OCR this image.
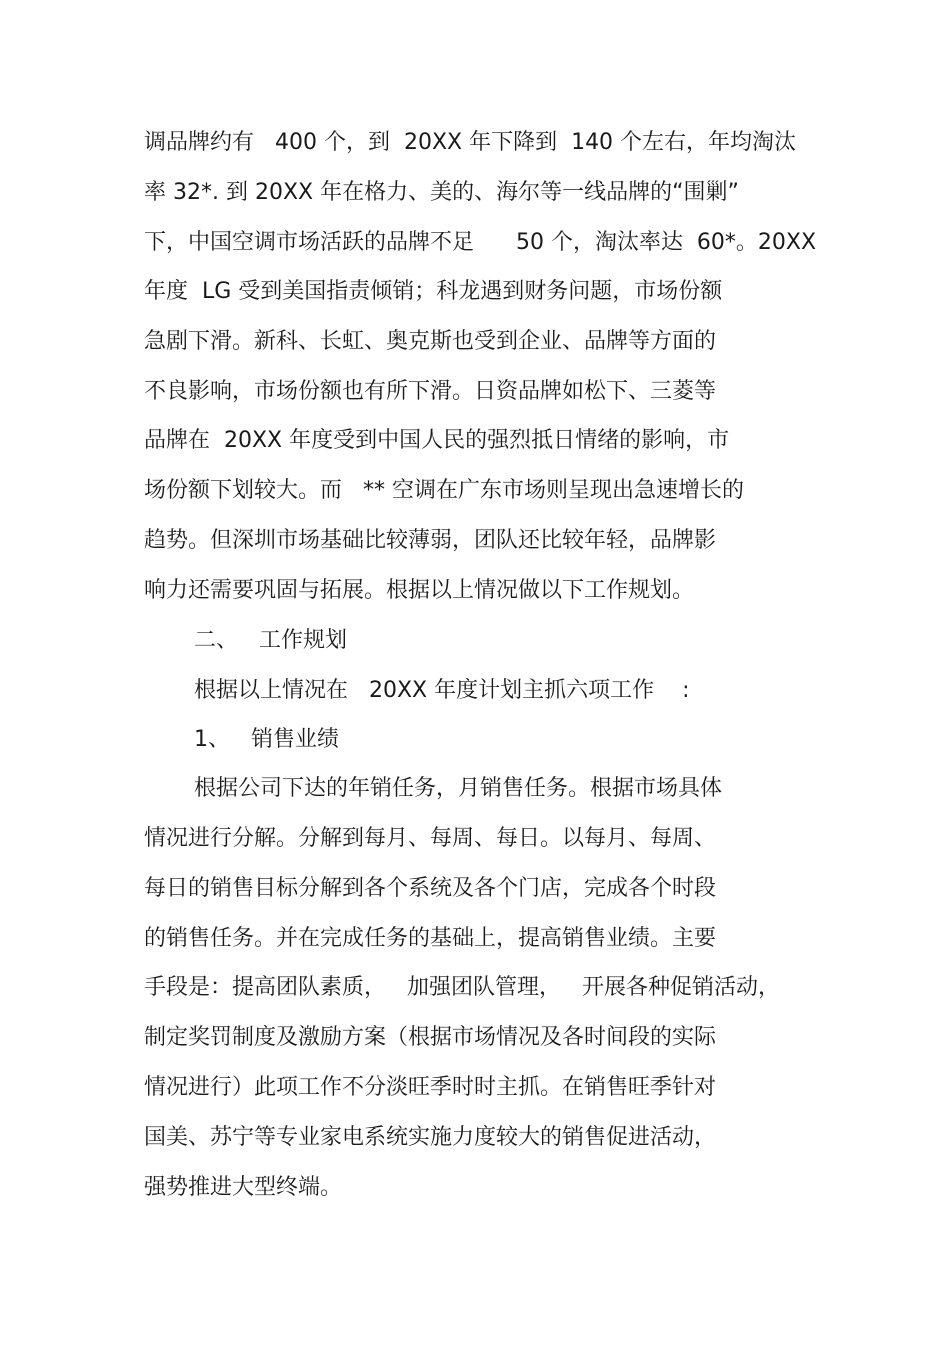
调品牌约有   400 个，到  20XX 年下降到  140 个左右，年均淘汰

率 32*. 到 20XX 年在格力、美的、海尔等一线品牌的“围剿”

下，中国空调市场活跃的品牌不足      50 个，淘汰率达  60*。20XX

年度  LG 受到美国指责倾销；科龙遇到财务问题，市场份额

急剧下滑。新科、长虹、奥克斯也受到企业、品牌等方面的

不良影响，市场份额也有所下滑。日资品牌如松下、三菱等

品牌在  20XX 年度受到中国人民的强烈抵日情绪的影响，市

场份额下划较大。而   ** 空调在广东市场则呈现出急速增长的

趋势。但深圳市场基础比较薄弱，团队还比较年轻，品牌影

响力还需要巩固与拓展。根据以上情况做以下工作规划。

二、   工作规划

根据以上情况在   20XX 年度计划主抓六项工作    :

1、   销售业绩

根据公司下达的年销任务，月销售任务。根据市场具体

情况进行分解。分解到每月、每周、每日。以每月、每周、

每日的销售目标分解到各个系统及各个门店，完成各个时段

的销售任务。并在完成任务的基础上，提高销售业绩。主要

手段是：提高团队素质，   加强团队管理，   开展各种促销活动，

制定奖罚制度及激励方案（根据市场情况及各时间段的实际

情况进行）此项工作不分淡旺季时时主抓。在销售旺季针对

国美、苏宁等专业家电系统实施力度较大的销售促进活动，

强势推进大型终端。
